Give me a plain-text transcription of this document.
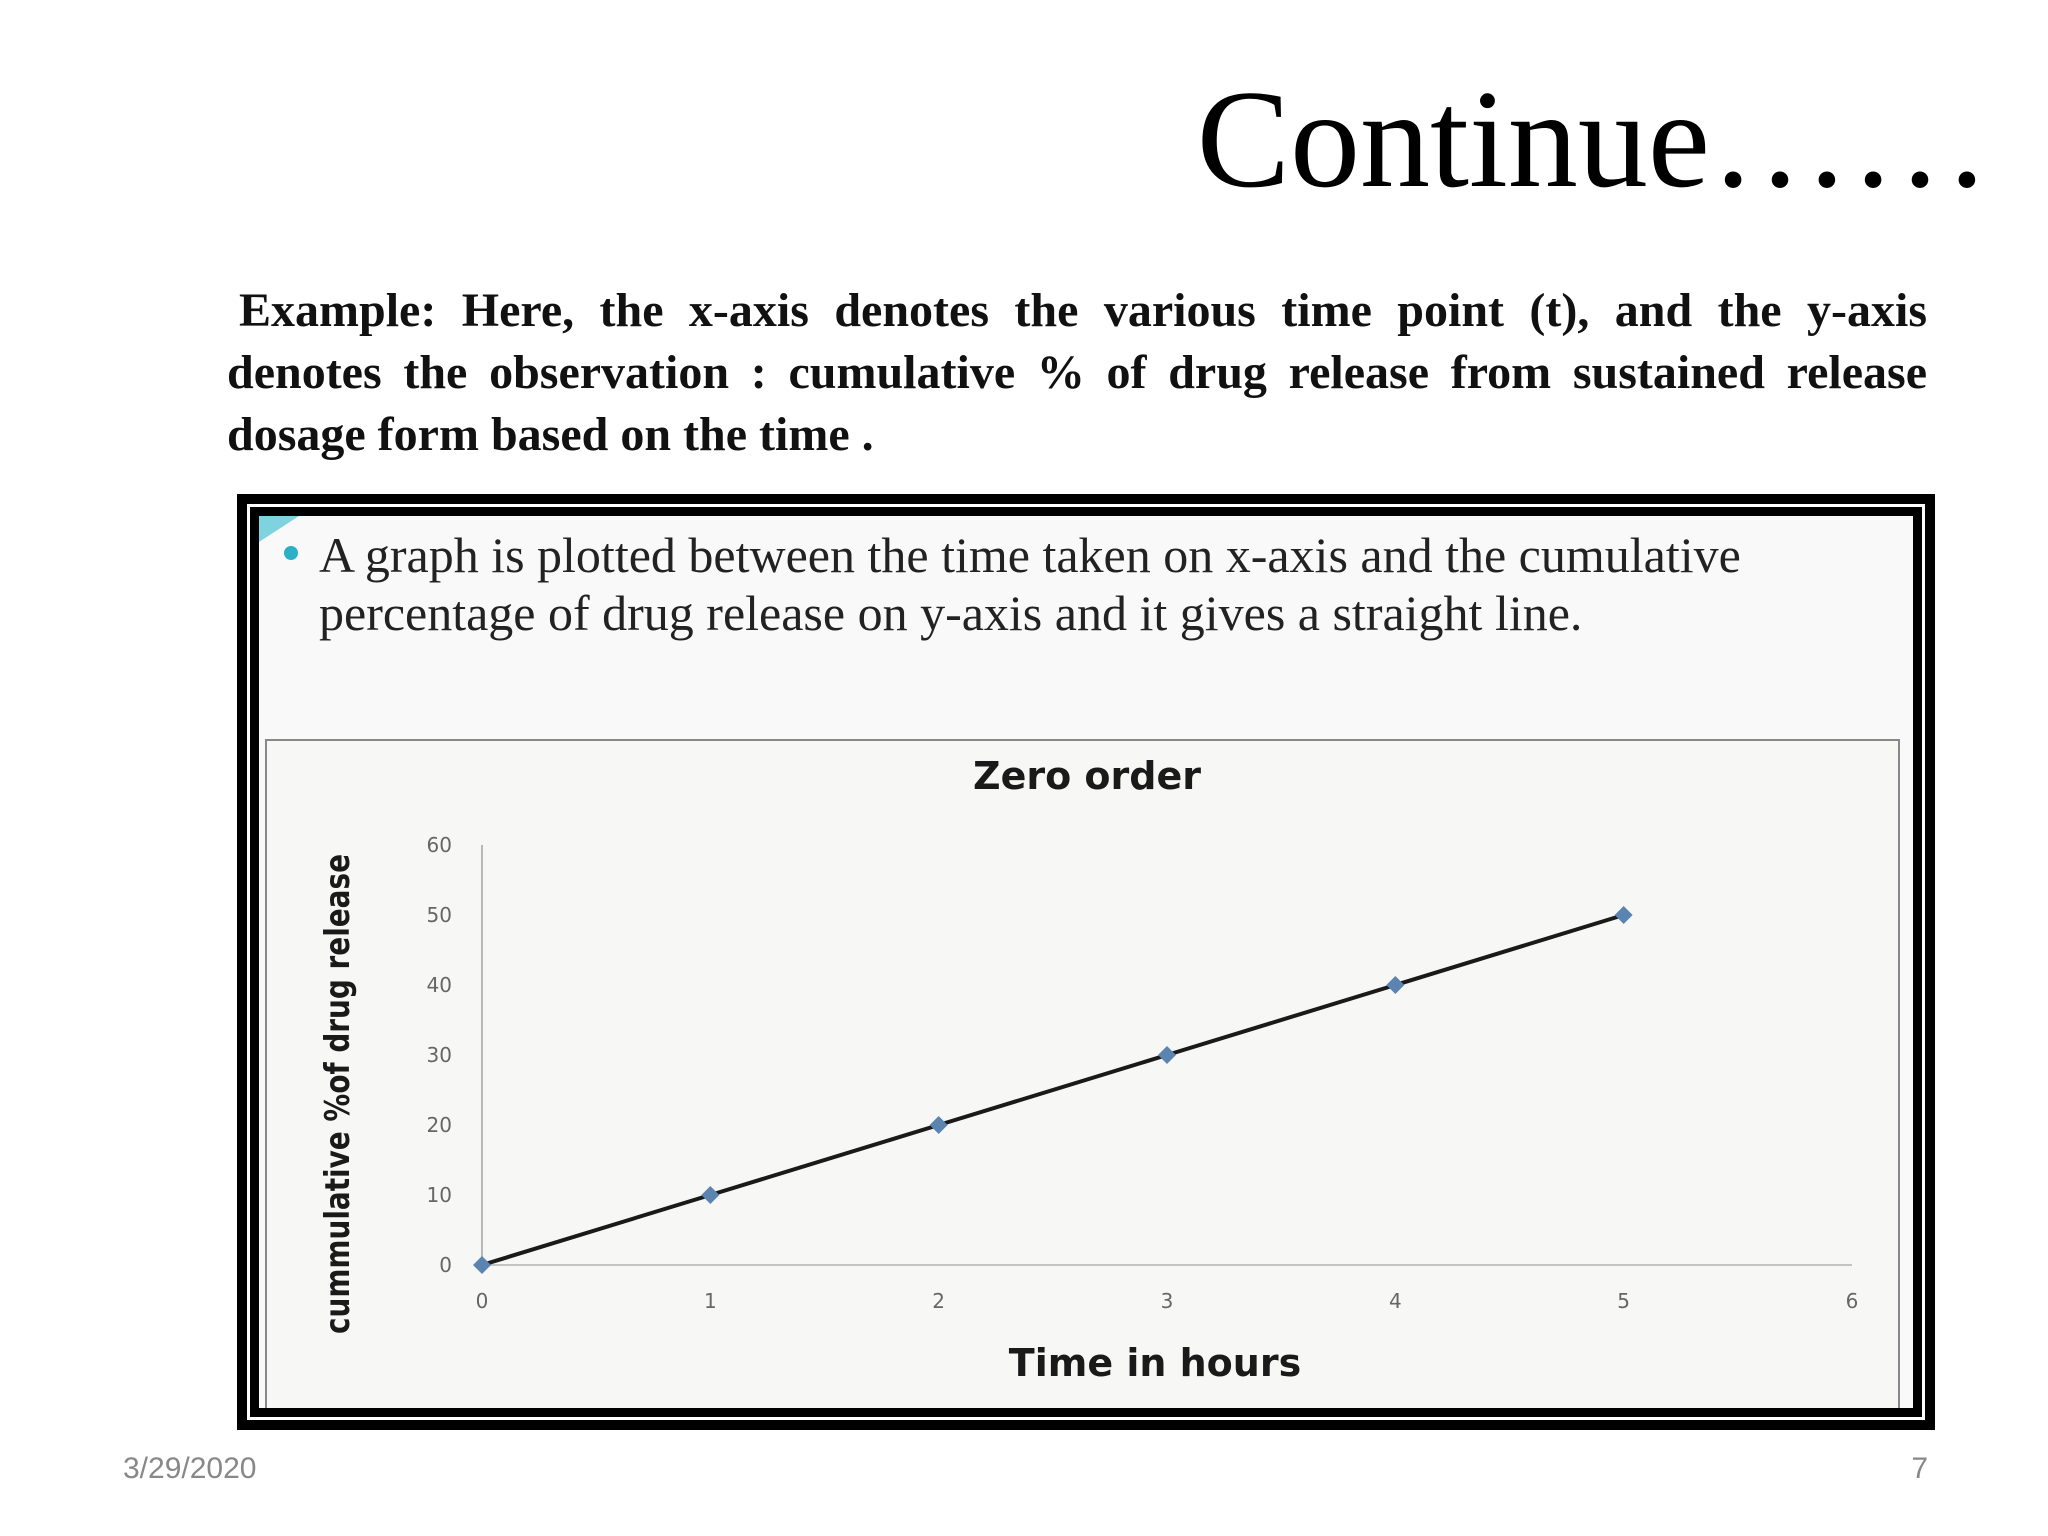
Continue……
Example: Here, the x-axis denotes the various time point (t), and the y-axis denotes the observation : cumulative % of drug release from sustained release dosage form based on the time .
A graph is plotted between the time taken on x-axis and the cumulative percentage of drug release on y-axis and it gives a straight line.
Zero order
cummulative %of drug release
Time in hours
0
10
20
30
40
50
60
0	1	2	3	4	5	6
3/29/2020	7
